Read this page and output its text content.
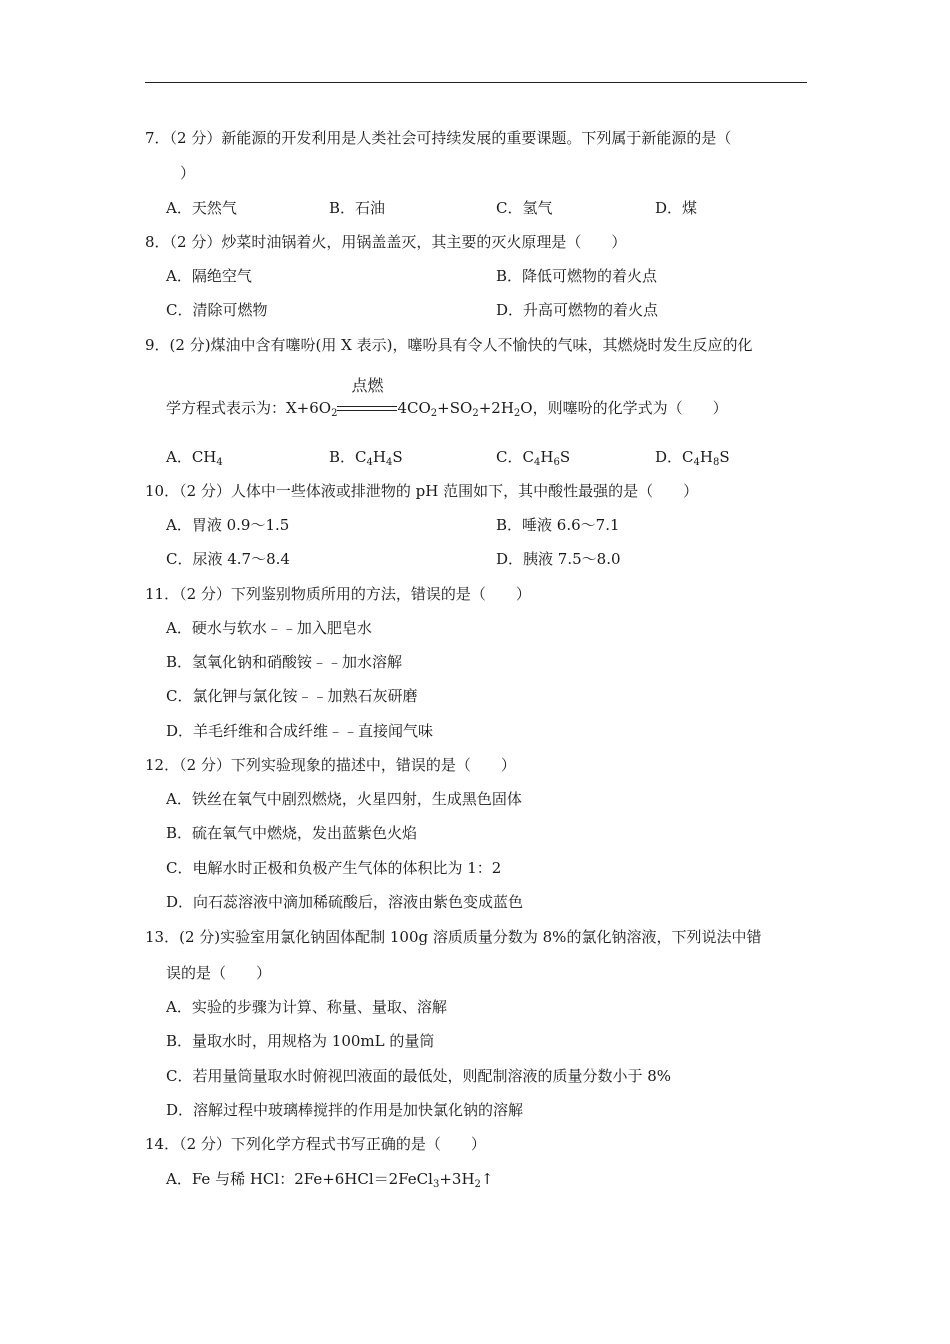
7．（2 分）新能源的开发利用是人类社会可持续发展的重要课题。下列属于新能源的是（
）
A．天然气	B．石油	C．氢气	D．煤
8．（2 分）炒菜时油锅着火，用锅盖盖灭，其主要的灭火原理是（　　）
A．隔绝空气	B．降低可燃物的着火点
C．清除可燃物	D．升高可燃物的着火点
9．(2 分)煤油中含有噻吩(用 X 表示)，噻吩具有令人不愉快的气味，其燃烧时发生反应的化
学方程式表示为：$X+6O_2$
点燃
$4CO_2+SO_2+2H_2O$，则噻吩的化学式为（　　）
A．$CH_4$	B．$C_4H_4S$	C．$C_4H_6S$	D．$C_4H_8S$
10．（2 分）人体中一些体液或排泄物的 pH 范围如下，其中酸性最强的是（　　）
A．胃液 0.9～1.5	B．唾液 6.6～7.1
C．尿液 4.7～8.4	D．胰液 7.5～8.0
11．（2 分）下列鉴别物质所用的方法，错误的是（　　）
A．硬水与软水﹣﹣加入肥皂水
B．氢氧化钠和硝酸铵﹣﹣加水溶解
C．氯化钾与氯化铵﹣﹣加熟石灰研磨
D．羊毛纤维和合成纤维﹣﹣直接闻气味
12．（2 分）下列实验现象的描述中，错误的是（　　）
A．铁丝在氧气中剧烈燃烧，火星四射，生成黑色固体
B．硫在氧气中燃烧，发出蓝紫色火焰
C．电解水时正极和负极产生气体的体积比为 1：2
D．向石蕊溶液中滴加稀硫酸后，溶液由紫色变成蓝色
13．(2 分)实验室用氯化钠固体配制 100g 溶质质量分数为 8%的氯化钠溶液，下列说法中错
误的是（　　）
A．实验的步骤为计算、称量、量取、溶解
B．量取水时，用规格为 100mL 的量筒
C．若用量筒量取水时俯视凹液面的最低处，则配制溶液的质量分数小于 8%
D．溶解过程中玻璃棒搅拌的作用是加快氯化钠的溶解
14．（2 分）下列化学方程式书写正确的是（　　）
A．Fe 与稀 HCl：$2Fe+6HCl=2FeCl_3+3H_2↑$
